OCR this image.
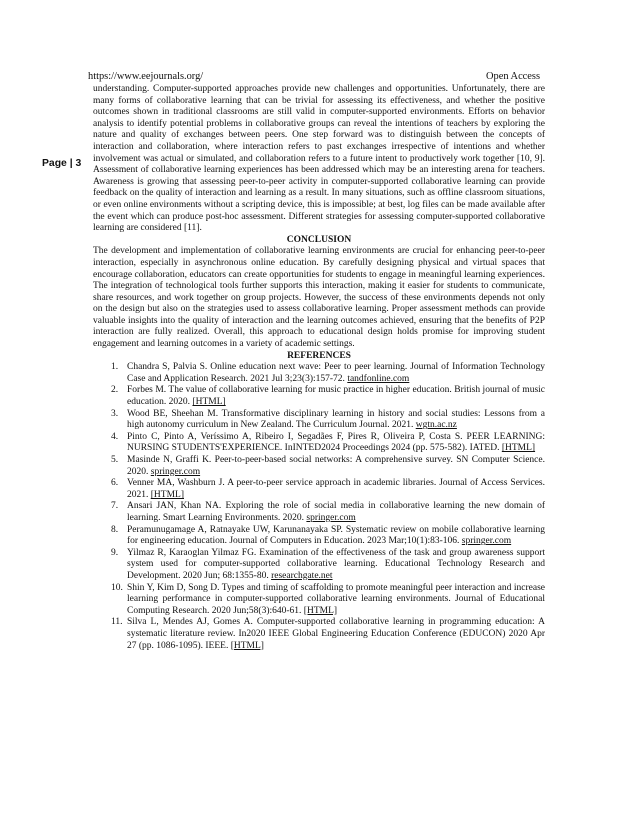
https://www.eejournals.org/	Open Access
Page | 3

understanding. Computer-supported approaches provide new challenges and opportunities. Unfortunately, there are many forms of collaborative learning that can be trivial for assessing its effectiveness, and whether the positive outcomes shown in traditional classrooms are still valid in computer-supported environments. Efforts on behavior analysis to identify potential problems in collaborative groups can reveal the intentions of teachers by exploring the nature and quality of exchanges between peers. One step forward was to distinguish between the concepts of interaction and collaboration, where interaction refers to past exchanges irrespective of intentions and whether involvement was actual or simulated, and collaboration refers to a future intent to productively work together [10, 9]. Assessment of collaborative learning experiences has been addressed which may be an interesting arena for teachers. Awareness is growing that assessing peer-to-peer activity in computer-supported collaborative learning can provide feedback on the quality of interaction and learning as a result. In many situations, such as offline classroom situations, or even online environments without a scripting device, this is impossible; at best, log files can be made available after the event which can produce post-hoc assessment. Different strategies for assessing computer-supported collaborative learning are considered [11].

CONCLUSION

The development and implementation of collaborative learning environments are crucial for enhancing peer-to-peer interaction, especially in asynchronous online education. By carefully designing physical and virtual spaces that encourage collaboration, educators can create opportunities for students to engage in meaningful learning experiences. The integration of technological tools further supports this interaction, making it easier for students to communicate, share resources, and work together on group projects. However, the success of these environments depends not only on the design but also on the strategies used to assess collaborative learning. Proper assessment methods can provide valuable insights into the quality of interaction and the learning outcomes achieved, ensuring that the benefits of P2P interaction are fully realized. Overall, this approach to educational design holds promise for improving student engagement and learning outcomes in a variety of academic settings.

REFERENCES

1. Chandra S, Palvia S. Online education next wave: Peer to peer learning. Journal of Information Technology Case and Application Research. 2021 Jul 3;23(3):157-72. tandfonline.com
2. Forbes M. The value of collaborative learning for music practice in higher education. British journal of music education. 2020. [HTML]
3. Wood BE, Sheehan M. Transformative disciplinary learning in history and social studies: Lessons from a high autonomy curriculum in New Zealand. The Curriculum Journal. 2021. wgtn.ac.nz
4. Pinto C, Pinto A, Veríssimo A, Ribeiro I, Segadães F, Pires R, Oliveira P, Costa S. PEER LEARNING: NURSING STUDENTS'EXPERIENCE. InINTED2024 Proceedings 2024 (pp. 575-582). IATED. [HTML]
5. Masinde N, Graffi K. Peer-to-peer-based social networks: A comprehensive survey. SN Computer Science. 2020. springer.com
6. Venner MA, Washburn J. A peer-to-peer service approach in academic libraries. Journal of Access Services. 2021. [HTML]
7. Ansari JAN, Khan NA. Exploring the role of social media in collaborative learning the new domain of learning. Smart Learning Environments. 2020. springer.com
8. Peramunugamage A, Ratnayake UW, Karunanayaka SP. Systematic review on mobile collaborative learning for engineering education. Journal of Computers in Education. 2023 Mar;10(1):83-106. springer.com
9. Yilmaz R, Karaoglan Yilmaz FG. Examination of the effectiveness of the task and group awareness support system used for computer-supported collaborative learning. Educational Technology Research and Development. 2020 Jun; 68:1355-80. researchgate.net
10. Shin Y, Kim D, Song D. Types and timing of scaffolding to promote meaningful peer interaction and increase learning performance in computer-supported collaborative learning environments. Journal of Educational Computing Research. 2020 Jun;58(3):640-61. [HTML]
11. Silva L, Mendes AJ, Gomes A. Computer-supported collaborative learning in programming education: A systematic literature review. In2020 IEEE Global Engineering Education Conference (EDUCON) 2020 Apr 27 (pp. 1086-1095). IEEE. [HTML]
